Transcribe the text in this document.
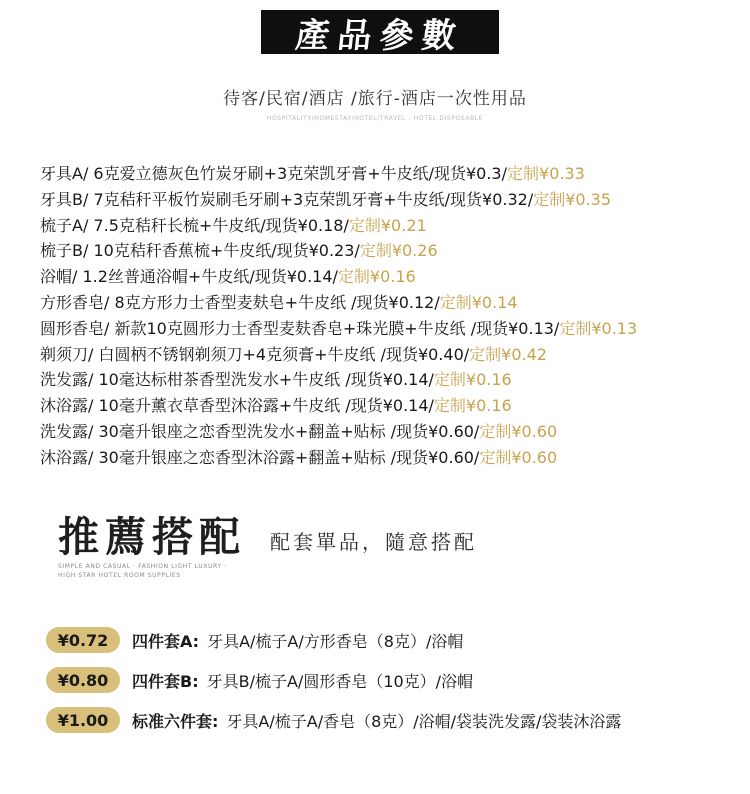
產品參數
待客/民宿/酒店 /旅行-酒店一次性用品
HOSPITALITY/HOMESTAY/HOTEL/TRAVEL - HOTEL DISPOSABLE
牙具A/ 6克爱立德灰色竹炭牙刷+3克荣凯牙膏+牛皮纸/现货¥0.3/定制¥0.33
牙具B/ 7克秸秆平板竹炭刷毛牙刷+3克荣凯牙膏+牛皮纸/现货¥0.32/定制¥0.35
梳子A/ 7.5克秸秆长梳+牛皮纸/现货¥0.18/定制¥0.21
梳子B/ 10克秸秆香蕉梳+牛皮纸/现货¥0.23/定制¥0.26
浴帽/ 1.2丝普通浴帽+牛皮纸/现货¥0.14/定制¥0.16
方形香皂/ 8克方形力士香型麦麸皂+牛皮纸 /现货¥0.12/定制¥0.14
圆形香皂/ 新款10克圆形力士香型麦麸香皂+珠光膜+牛皮纸 /现货¥0.13/定制¥0.13
剃须刀/ 白圆柄不锈钢剃须刀+4克须膏+牛皮纸 /现货¥0.40/定制¥0.42
洗发露/ 10毫达标柑茶香型洗发水+牛皮纸 /现货¥0.14/定制¥0.16
沐浴露/ 10毫升薰衣草香型沐浴露+牛皮纸 /现货¥0.14/定制¥0.16
洗发露/ 30毫升银座之恋香型洗发水+翻盖+贴标 /现货¥0.60/定制¥0.60
沐浴露/ 30毫升银座之恋香型沐浴露+翻盖+贴标 /现货¥0.60/定制¥0.60
推薦搭配 配套單品，隨意搭配
SIMPLE AND CASUAL · FASHION LIGHT LUXURY ·
HIGH STAR HOTEL ROOM SUPPLIES
¥0.72	四件套A: 牙具A/梳子A/方形香皂（8克）/浴帽
¥0.80	四件套B: 牙具B/梳子A/圆形香皂（10克）/浴帽
¥1.00	标准六件套: 牙具A/梳子A/香皂（8克）/浴帽/袋装洗发露/袋装沐浴露
